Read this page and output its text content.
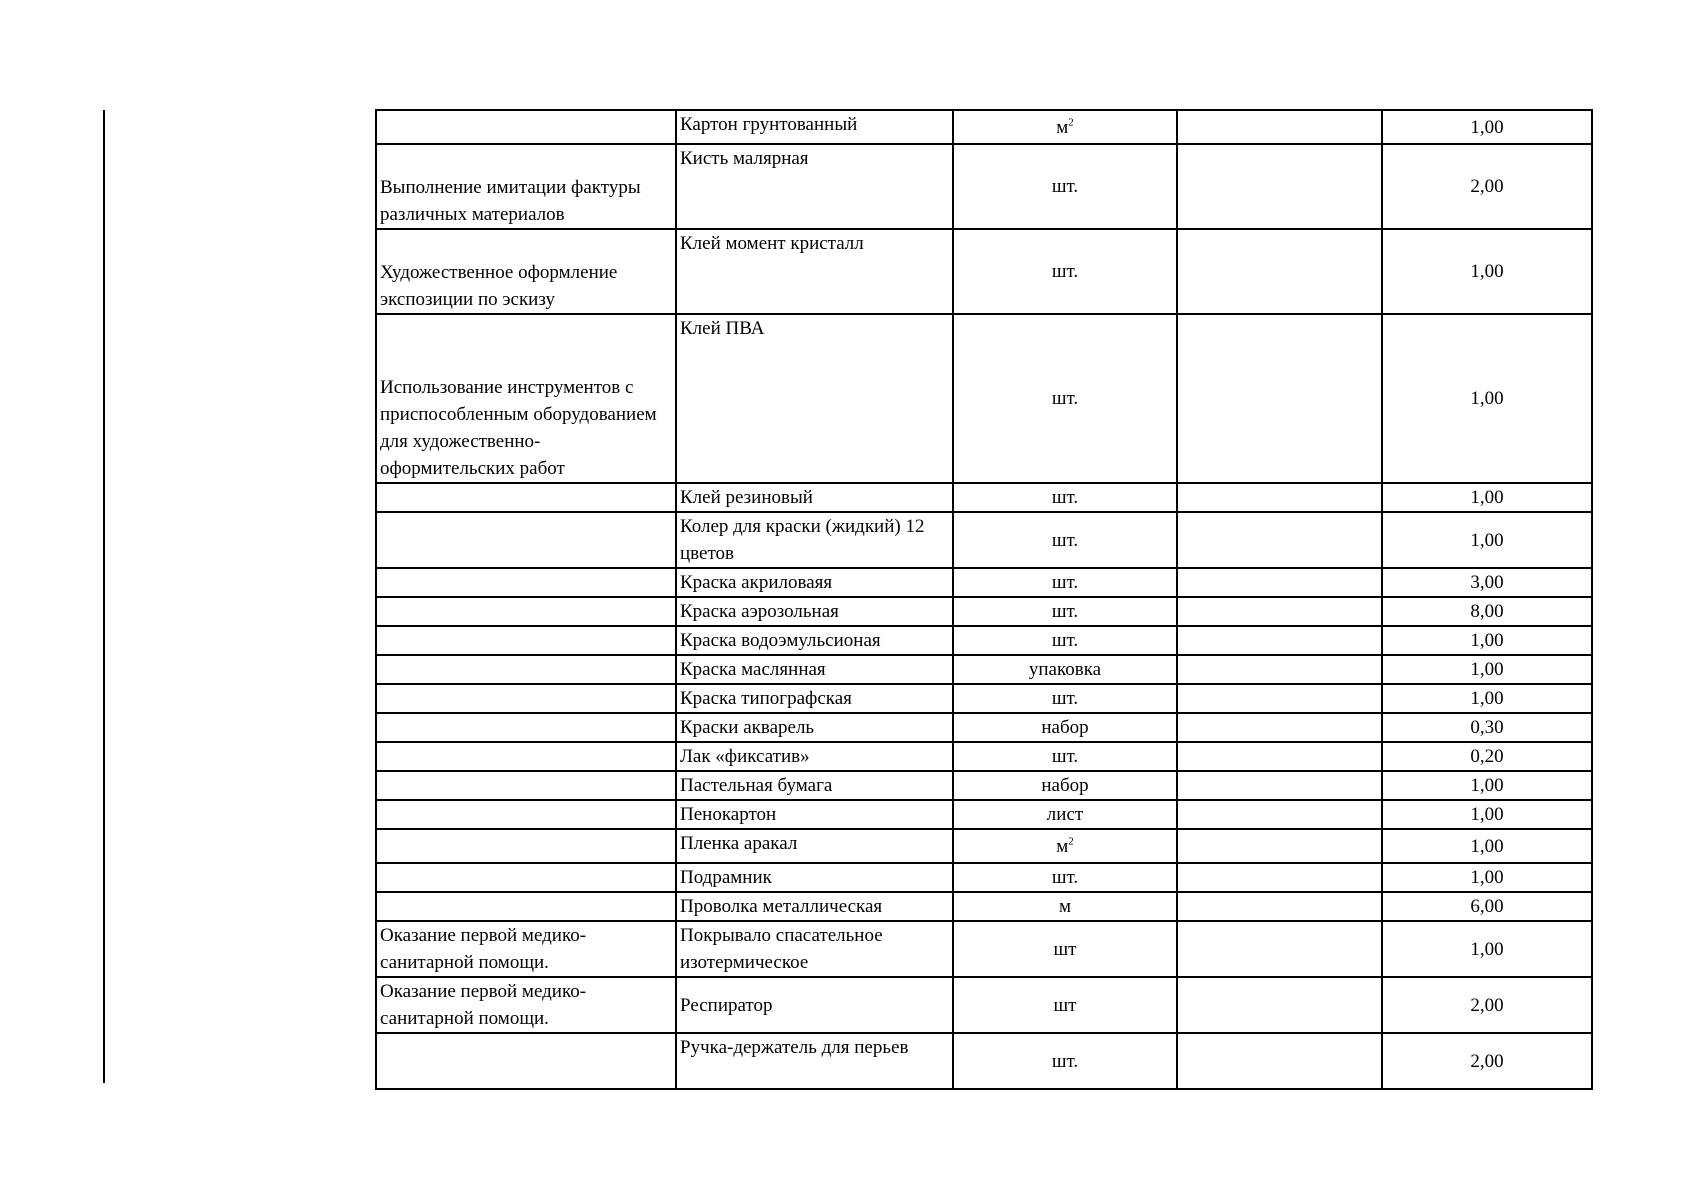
	Картон грунтованный	$м^2$		1,00
Выполнение имитации фактуры различных материалов	Кисть малярная	шт.		2,00
Художественное оформление экспозиции по эскизу	Клей момент кристалл	шт.		1,00
Использование инструментов с приспособленным оборудованием для художественно-оформительских работ	Клей ПВА	шт.		1,00
	Клей резиновый	шт.		1,00
	Колер для краски (жидкий) 12 цветов	шт.		1,00
	Краска акриловаяя	шт.		3,00
	Краска аэрозольная	шт.		8,00
	Краска водоэмульсионая	шт.		1,00
	Краска маслянная	упаковка		1,00
	Краска типографская	шт.		1,00
	Краски акварель	набор		0,30
	Лак «фиксатив»	шт.		0,20
	Пастельная бумага	набор		1,00
	Пенокартон	лист		1,00
	Пленка аракал	$м^2$		1,00
	Подрамник	шт.		1,00
	Проволка металлическая	м		6,00
Оказание первой медико-санитарной помощи.	Покрывало спасательное изотермическое	шт		1,00
Оказание первой медико-санитарной помощи.	Респиратор	шт		2,00
	Ручка-держатель для перьев	шт.		2,00
